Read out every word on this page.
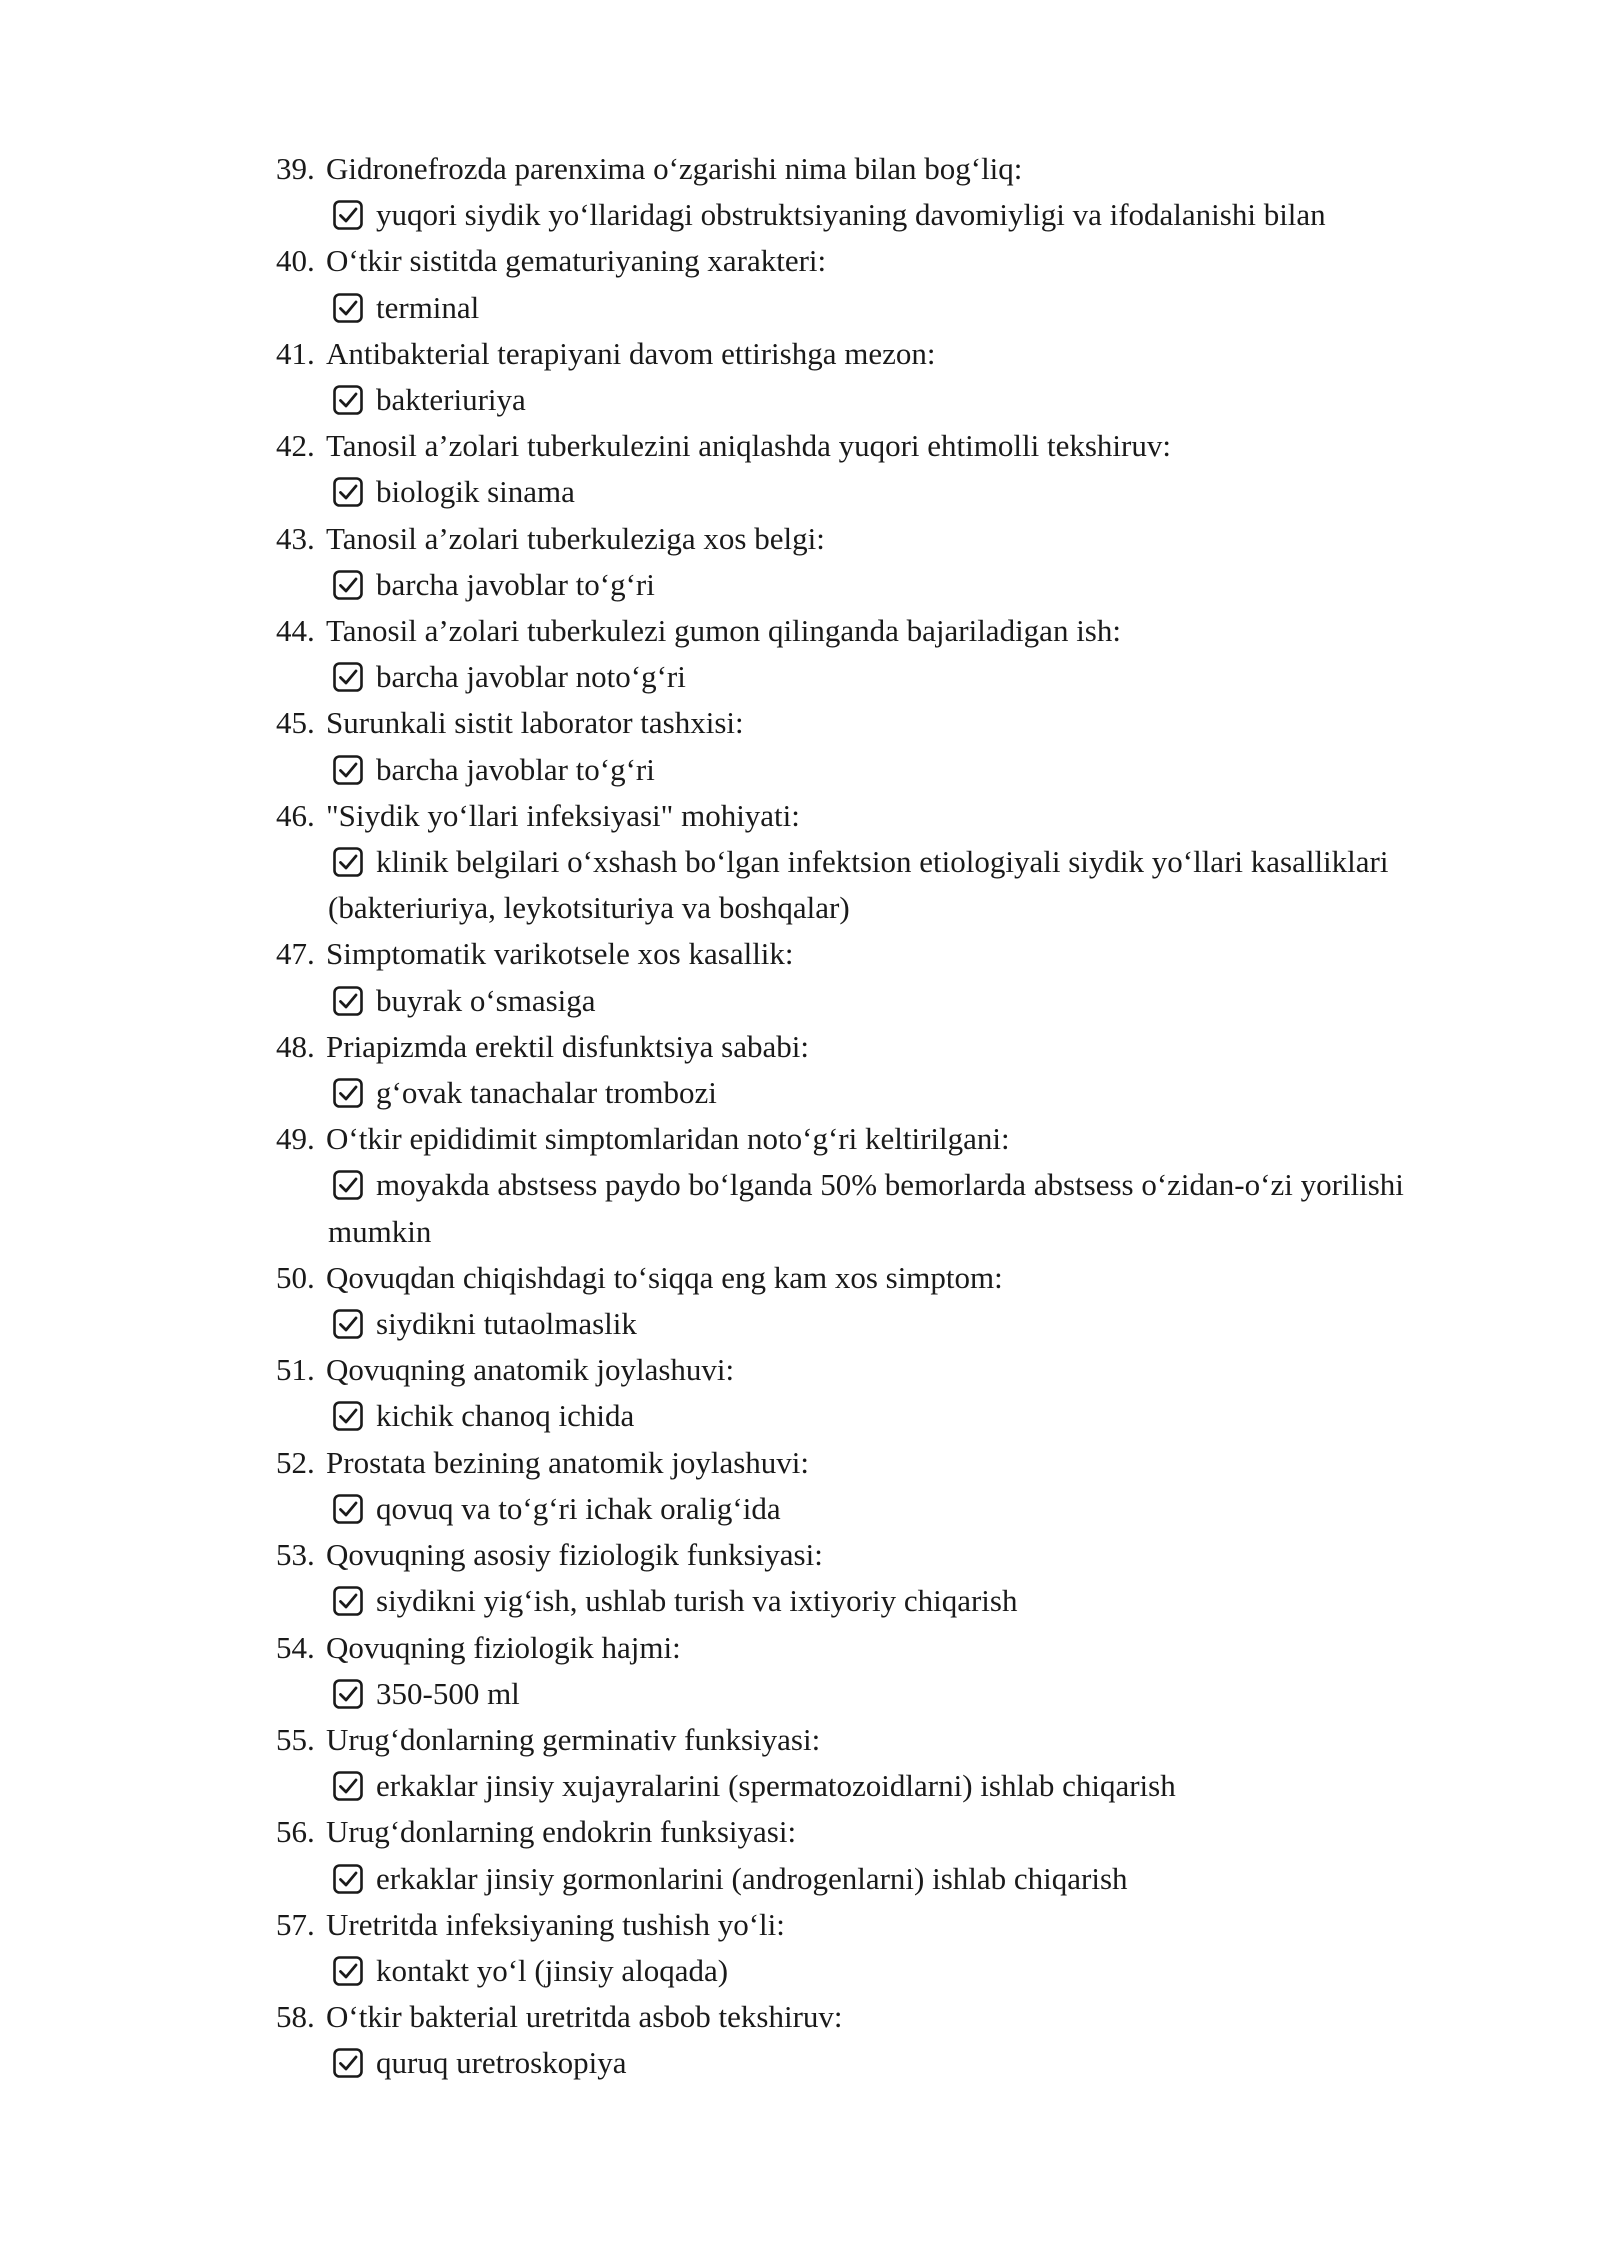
39. Gidronefrozda parenxima o‘zgarishi nima bilan bog‘liq:
yuqori siydik yo‘llaridagi obstruktsiyaning davomiyligi va ifodalanishi bilan
40. O‘tkir sistitda gematuriyaning xarakteri:
terminal
41. Antibakterial terapiyani davom ettirishga mezon:
bakteriuriya
42. Tanosil a’zolari tuberkulezini aniqlashda yuqori ehtimolli tekshiruv:
biologik sinama
43. Tanosil a’zolari tuberkuleziga xos belgi:
barcha javoblar to‘g‘ri
44. Tanosil a’zolari tuberkulezi gumon qilinganda bajariladigan ish:
barcha javoblar noto‘g‘ri
45. Surunkali sistit laborator tashxisi:
barcha javoblar to‘g‘ri
46. "Siydik yo‘llari infeksiyasi" mohiyati:
klinik belgilari o‘xshash bo‘lgan infektsion etiologiyali siydik yo‘llari kasalliklari (bakteriuriya, leykotsituriya va boshqalar)
47. Simptomatik varikotsele xos kasallik:
buyrak o‘smasiga
48. Priapizmda erektil disfunktsiya sababi:
g‘ovak tanachalar trombozi
49. O‘tkir epididimit simptomlaridan noto‘g‘ri keltirilgani:
moyakda abstsess paydo bo‘lganda 50% bemorlarda abstsess o‘zidan-o‘zi yorilishi mumkin
50. Qovuqdan chiqishdagi to‘siqqa eng kam xos simptom:
siydikni tutaolmaslik
51. Qovuqning anatomik joylashuvi:
kichik chanoq ichida
52. Prostata bezining anatomik joylashuvi:
qovuq va to‘g‘ri ichak oralig‘ida
53. Qovuqning asosiy fiziologik funksiyasi:
siydikni yig‘ish, ushlab turish va ixtiyoriy chiqarish
54. Qovuqning fiziologik hajmi:
350-500 ml
55. Urug‘donlarning germinativ funksiyasi:
erkaklar jinsiy xujayralarini (spermatozoidlarni) ishlab chiqarish
56. Urug‘donlarning endokrin funksiyasi:
erkaklar jinsiy gormonlarini (androgenlarni) ishlab chiqarish
57. Uretritda infeksiyaning tushish yo‘li:
kontakt yo‘l (jinsiy aloqada)
58. O‘tkir bakterial uretritda asbob tekshiruv:
quruq uretroskopiya
